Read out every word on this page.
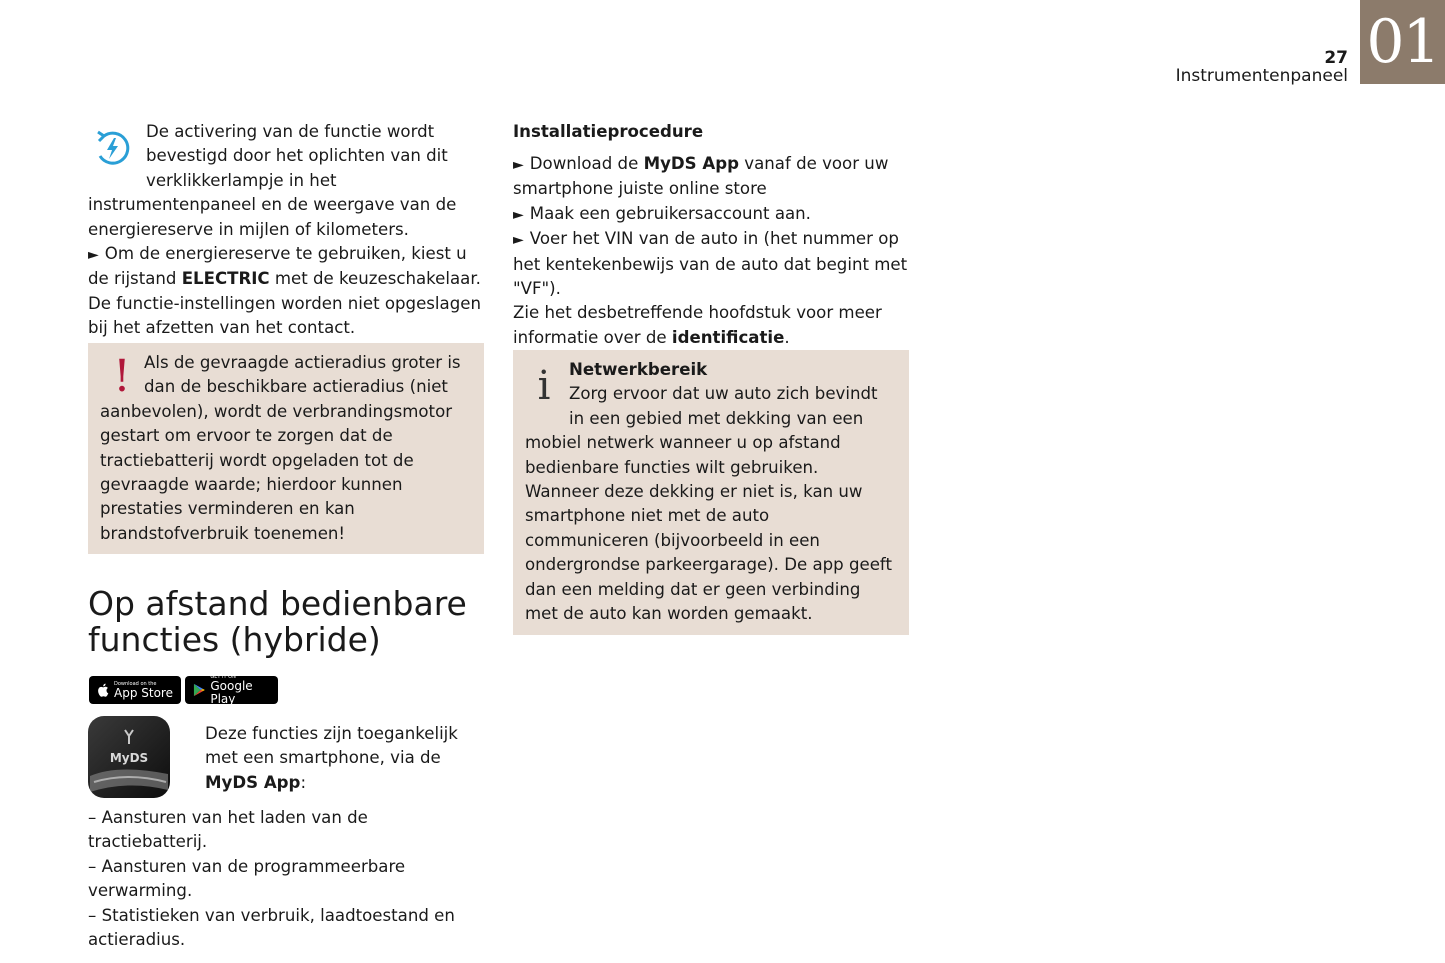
01
27
Instrumentenpaneel
De activering van de functie wordt bevestigd door het oplichten van dit verklikkerlampje in het instrumentenpaneel en de weergave van de energiereserve in mijlen of kilometers.
► Om de energiereserve te gebruiken, kiest u de rijstand ELECTRIC met de keuzeschakelaar.
De functie-instellingen worden niet opgeslagen bij het afzetten van het contact.
! Als de gevraagde actieradius groter is dan de beschikbare actieradius (niet aanbevolen), wordt de verbrandingsmotor gestart om ervoor te zorgen dat de tractiebatterij wordt opgeladen tot de gevraagde waarde; hierdoor kunnen prestaties verminderen en kan brandstofverbruik toenemen!
Op afstand bedienbare functies (hybride)
Download on the
App Store
GET IT ON
Google Play
MyDS
Deze functies zijn toegankelijk met een smartphone, via de MyDS App:
– Aansturen van het laden van de tractiebatterij.
– Aansturen van de programmeerbare verwarming.
– Statistieken van verbruik, laadtoestand en actieradius.
Installatieprocedure
► Download de MyDS App vanaf de voor uw smartphone juiste online store
► Maak een gebruikersaccount aan.
► Voer het VIN van de auto in (het nummer op het kentekenbewijs van de auto dat begint met "VF").
Zie het desbetreffende hoofdstuk voor meer informatie over de identificatie.
i	Netwerkbereik
Zorg ervoor dat uw auto zich bevindt in een gebied met dekking van een mobiel netwerk wanneer u op afstand bedienbare functies wilt gebruiken.
Wanneer deze dekking er niet is, kan uw smartphone niet met de auto communiceren (bijvoorbeeld in een ondergrondse parkeergarage). De app geeft dan een melding dat er geen verbinding met de auto kan worden gemaakt.
